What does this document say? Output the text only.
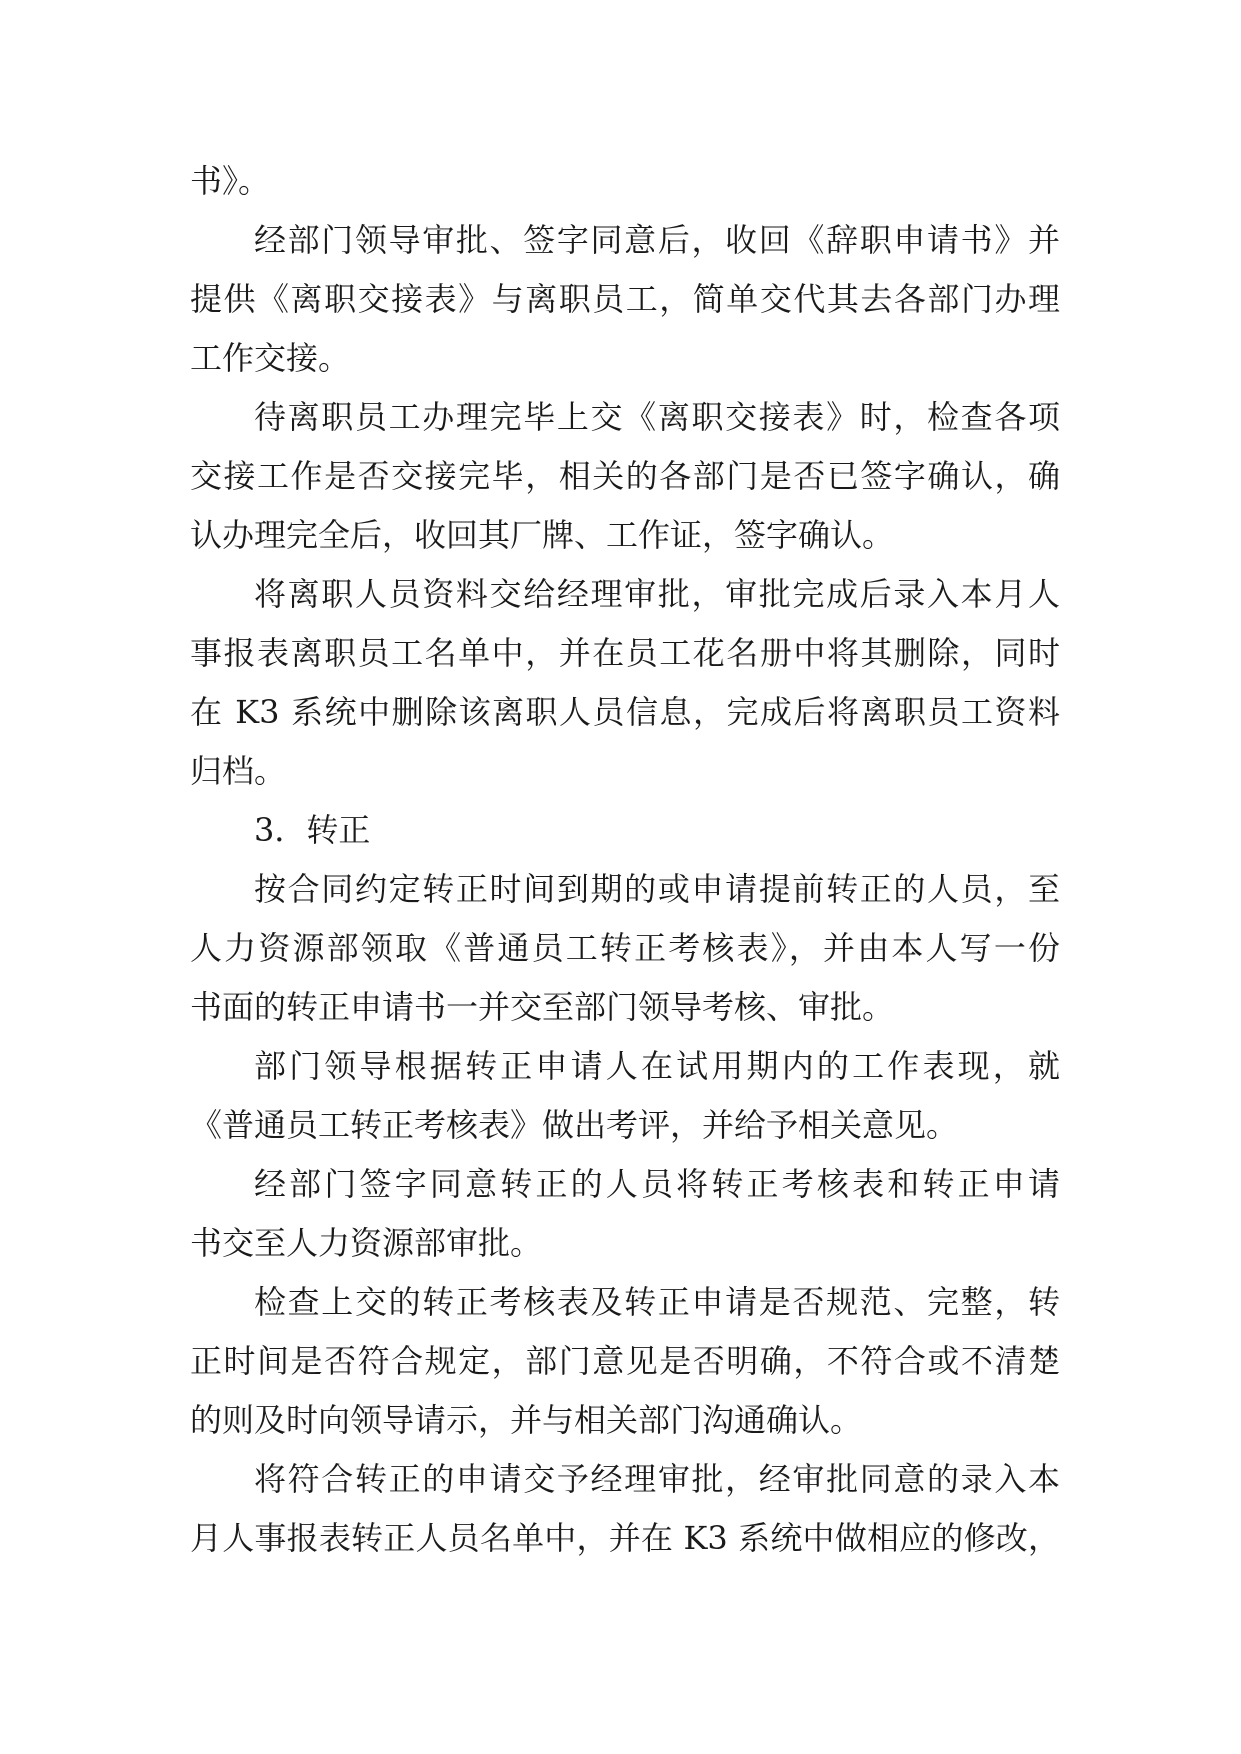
书》。
经部门领导审批、签字同意后，收回《辞职申请书》并
提供《离职交接表》与离职员工，简单交代其去各部门办理
工作交接。
待离职员工办理完毕上交《离职交接表》时，检查各项
交接工作是否交接完毕，相关的各部门是否已签字确认，确
认办理完全后，收回其厂牌、工作证，签字确认。
将离职人员资料交给经理审批，审批完成后录入本月人
事报表离职员工名单中，并在员工花名册中将其删除，同时
在 K3 系统中删除该离职人员信息，完成后将离职员工资料
归档。
3．转正
按合同约定转正时间到期的或申请提前转正的人员，至
人力资源部领取《普通员工转正考核表》，并由本人写一份
书面的转正申请书一并交至部门领导考核、审批。
部门领导根据转正申请人在试用期内的工作表现，就
《普通员工转正考核表》做出考评，并给予相关意见。
经部门签字同意转正的人员将转正考核表和转正申请
书交至人力资源部审批。
检查上交的转正考核表及转正申请是否规范、完整，转
正时间是否符合规定，部门意见是否明确，不符合或不清楚
的则及时向领导请示，并与相关部门沟通确认。
将符合转正的申请交予经理审批，经审批同意的录入本
月人事报表转正人员名单中，并在 K3 系统中做相应的修改，
